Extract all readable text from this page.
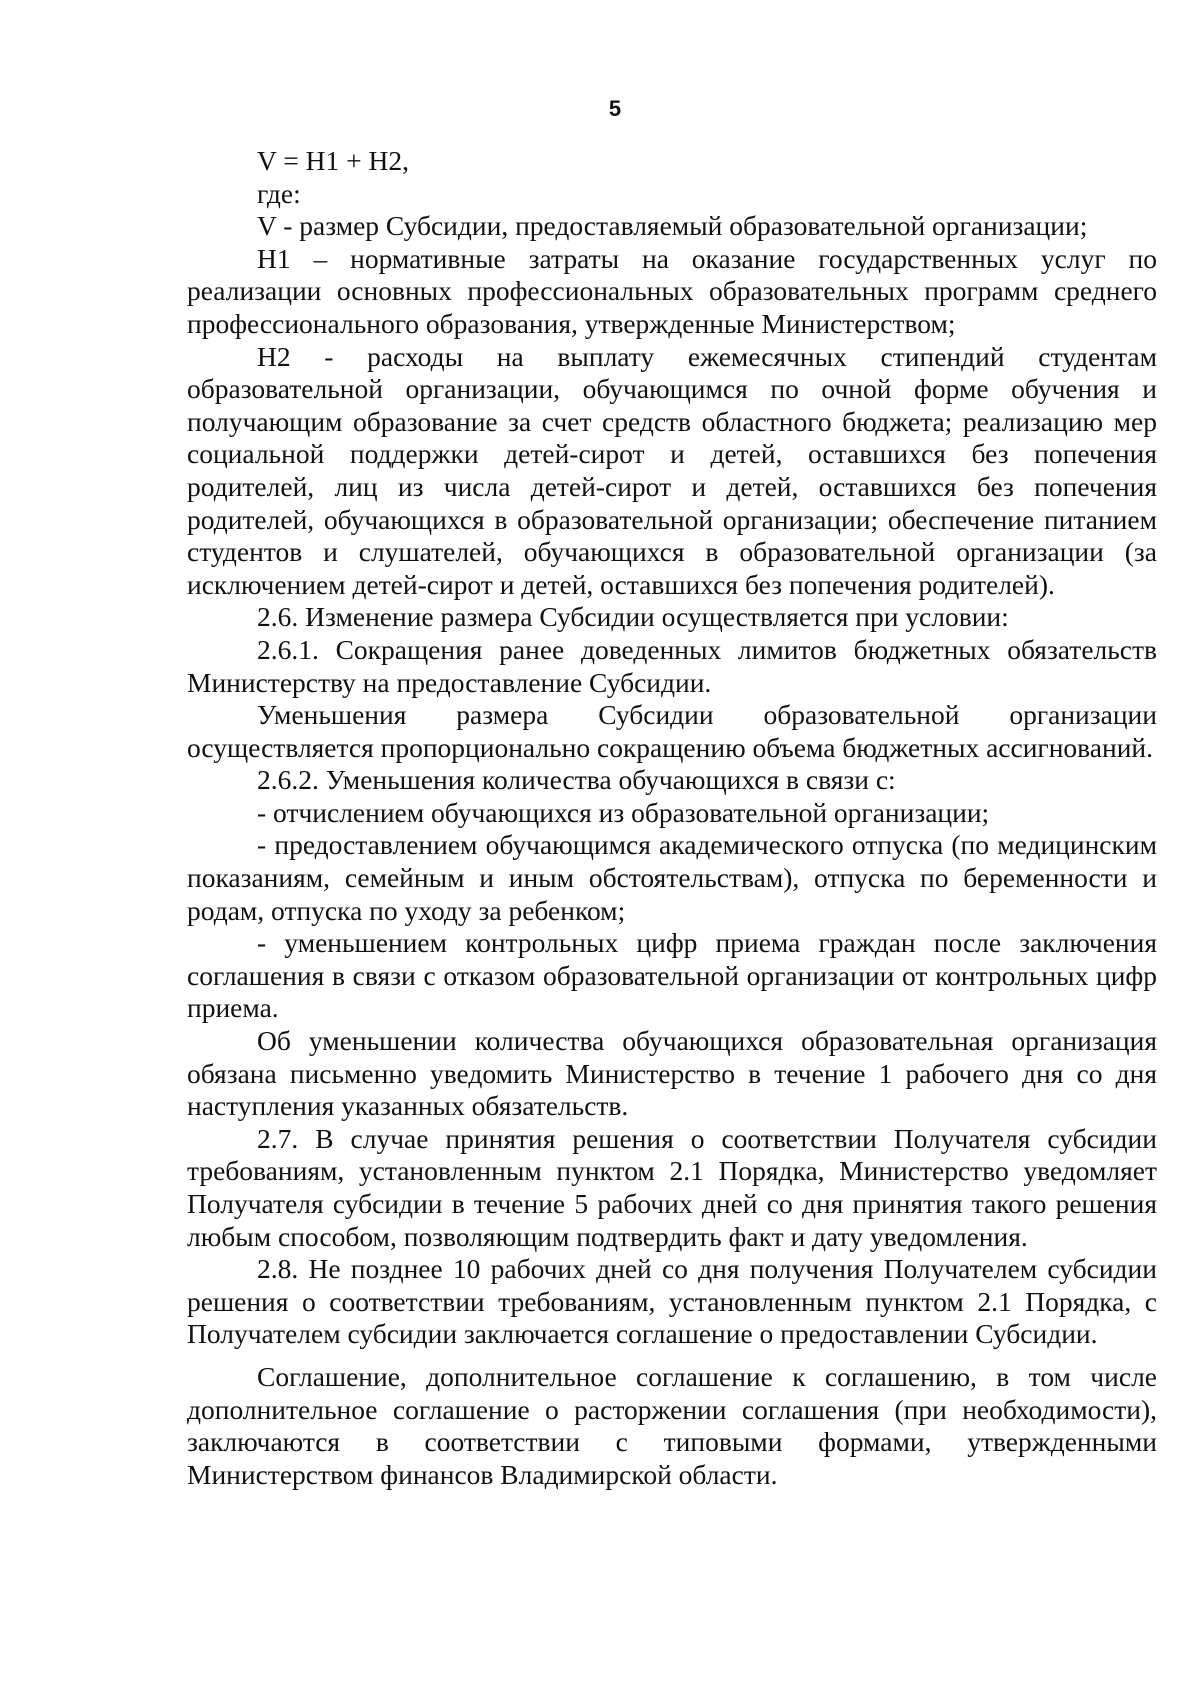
5

V = H1 + H2,

где:

V - размер Субсидии, предоставляемый образовательной организации;

Н1 – нормативные затраты на оказание государственных услуг по реализации основных профессиональных образовательных программ среднего профессионального образования, утвержденные Министерством;

Н2 - расходы на выплату ежемесячных стипендий студентам образовательной организации, обучающимся по очной форме обучения и получающим образование за счет средств областного бюджета; реализацию мер социальной поддержки детей-сирот и детей, оставшихся без попечения родителей, лиц из числа детей-сирот и детей, оставшихся без попечения родителей, обучающихся в образовательной организации; обеспечение питанием студентов и слушателей, обучающихся в образовательной организации (за исключением детей-сирот и детей, оставшихся без попечения родителей).

2.6. Изменение размера Субсидии осуществляется при условии:

2.6.1. Сокращения ранее доведенных лимитов бюджетных обязательств Министерству на предоставление Субсидии.

Уменьшения размера Субсидии образовательной организации осуществляется пропорционально сокращению объема бюджетных ассигнований.

2.6.2. Уменьшения количества обучающихся в связи с:

- отчислением обучающихся из образовательной организации;

- предоставлением обучающимся академического отпуска (по медицинским показаниям, семейным и иным обстоятельствам), отпуска по беременности и родам, отпуска по уходу за ребенком;

- уменьшением контрольных цифр приема граждан после заключения соглашения в связи с отказом образовательной организации от контрольных цифр приема.

Об уменьшении количества обучающихся образовательная организация обязана письменно уведомить Министерство в течение 1 рабочего дня со дня наступления указанных обязательств.

2.7. В случае принятия решения о соответствии Получателя субсидии требованиям, установленным пунктом 2.1 Порядка, Министерство уведомляет Получателя субсидии в течение 5 рабочих дней со дня принятия такого решения любым способом, позволяющим подтвердить факт и дату уведомления.

2.8. Не позднее 10 рабочих дней со дня получения Получателем субсидии решения о соответствии требованиям, установленным пунктом 2.1 Порядка, с Получателем субсидии заключается соглашение о предоставлении Субсидии.

Соглашение, дополнительное соглашение к соглашению, в том числе дополнительное соглашение о расторжении соглашения (при необходимости), заключаются в соответствии с типовыми формами, утвержденными Министерством финансов Владимирской области.
